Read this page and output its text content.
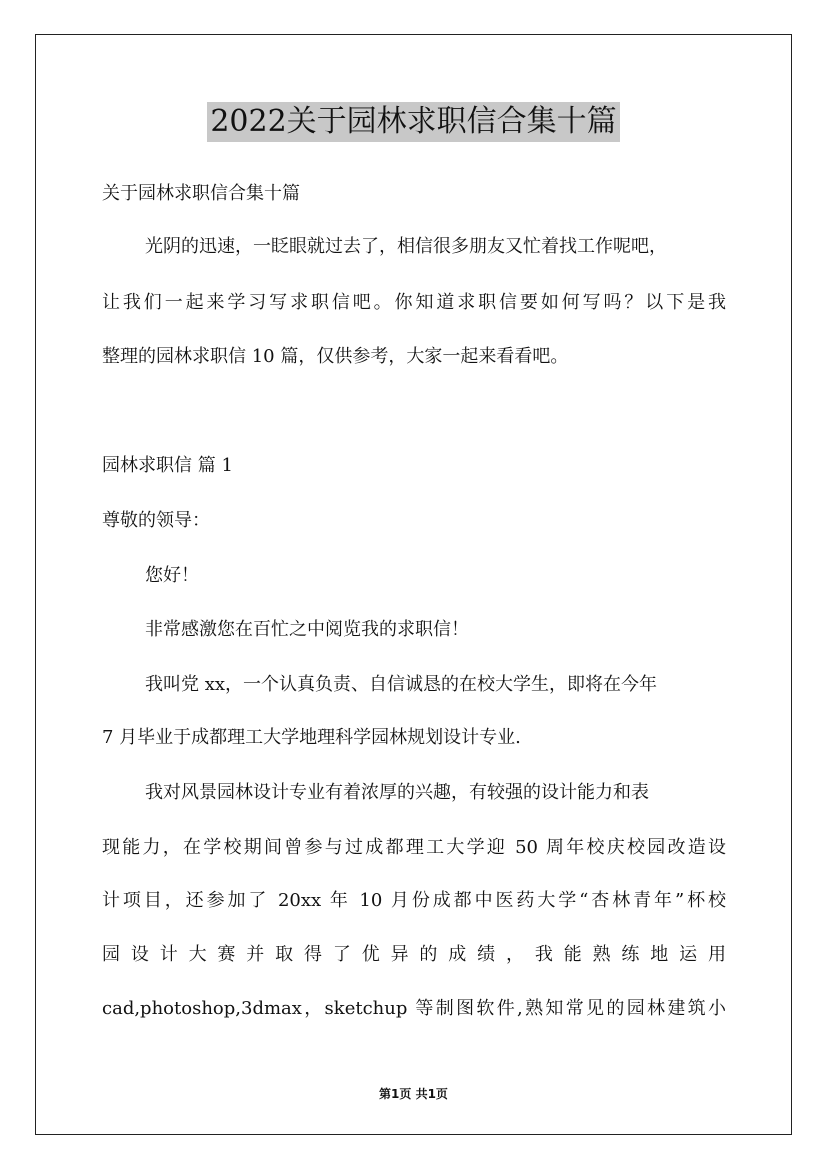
2022关于园林求职信合集十篇
关于园林求职信合集十篇
光阴的迅速，一眨眼就过去了，相信很多朋友又忙着找工作呢吧，
让我们一起来学习写求职信吧。你知道求职信要如何写吗？以下是我
整理的园林求职信 10 篇，仅供参考，大家一起来看看吧。
园林求职信 篇 1
尊敬的领导：
您好！
非常感激您在百忙之中阅览我的求职信！
我叫党 xx，一个认真负责、自信诚恳的在校大学生，即将在今年
7 月毕业于成都理工大学地理科学园林规划设计专业.
我对风景园林设计专业有着浓厚的兴趣，有较强的设计能力和表
现能力，在学校期间曾参与过成都理工大学迎 50 周年校庆校园改造设
计项目，还参加了 20xx 年 10 月份成都中医药大学“杏林青年”杯校
园设计大赛并取得了优异的成绩，我能熟练地运用
cad,photoshop,3dmax，sketchup 等制图软件,熟知常见的园林建筑小
第1页 共1页
